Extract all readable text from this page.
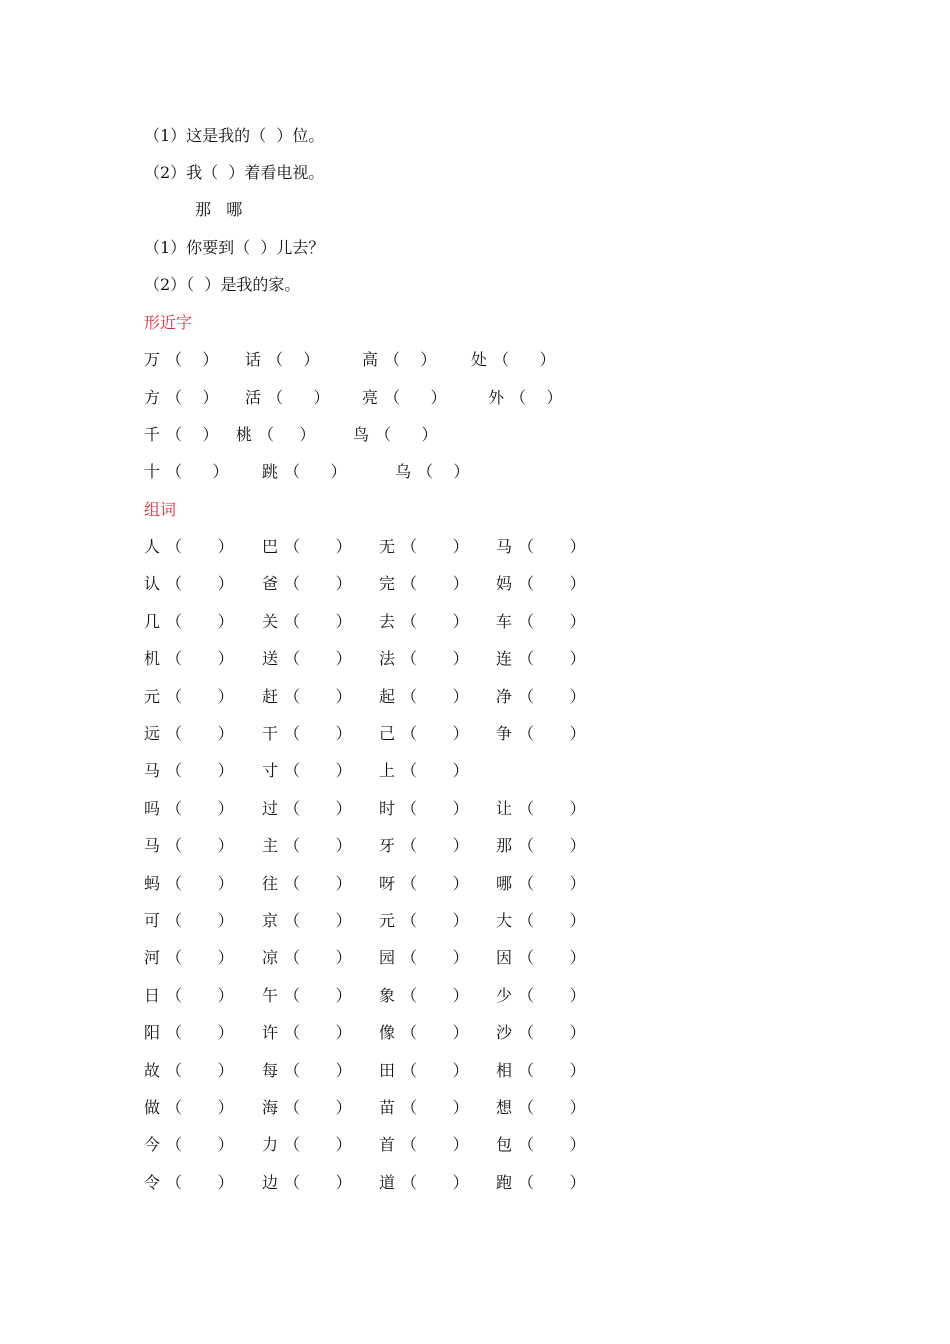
（1）这是我的（  ）位。
（2）我（  ）着看电视。
那   哪
（1）你要到（  ）儿去？
（2）（  ）是我的家。
形近字
万 （    ） 话 （    ）	高 （    ） 处 （      ）
方 （    ） 活 （      ） 亮 （      ）	外 （    ）
千 （    ） 桃 （     ） 鸟 （      ）
十 （      ） 跳 （      ）	乌 （    ）
组词
人 （       ） 巴 （       ） 无 （       ） 马 （       ）
认 （       ） 爸 （       ） 完 （       ） 妈 （       ）
几 （       ） 关 （       ） 去 （       ） 车 （       ）
机 （       ） 送 （       ） 法 （       ） 连 （       ）
元 （       ） 赶 （       ） 起 （       ） 净 （       ）
远 （       ） 干 （       ） 己 （       ） 争 （       ）
马 （       ） 寸 （       ） 上 （       ）
吗 （       ） 过 （       ） 时 （       ） 让 （       ）
马 （       ） 主 （       ） 牙 （       ） 那 （       ）
蚂 （       ） 往 （       ） 呀 （       ） 哪 （       ）
可 （       ） 京 （       ） 元 （       ） 大 （       ）
河 （       ） 凉 （       ） 园 （       ） 因 （       ）
日 （       ） 午 （       ） 象 （       ） 少 （       ）
阳 （       ） 许 （       ） 像 （       ） 沙 （       ）
故 （       ） 每 （       ） 田 （       ） 相 （       ）
做 （       ） 海 （       ） 苗 （       ） 想 （       ）
今 （       ） 力 （       ） 首 （       ） 包 （       ）
令 （       ） 边 （       ） 道 （       ） 跑 （       ）
